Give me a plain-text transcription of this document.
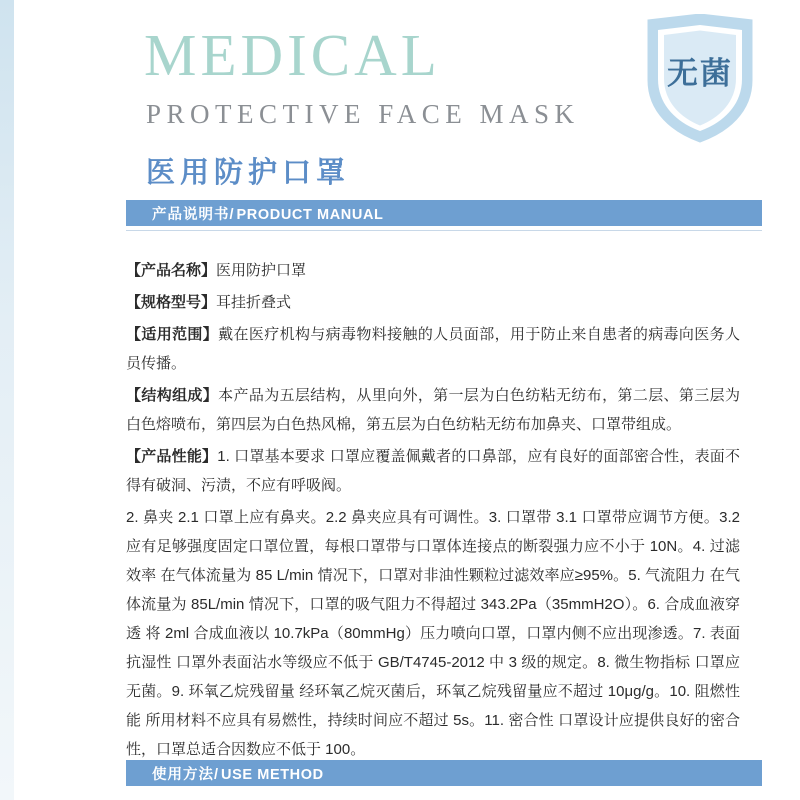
MEDICAL
PROTECTIVE FACE MASK
医用防护口罩
无菌
产品说明书/ PRODUCT MANUAL

【产品名称】医用防护口罩

【规格型号】耳挂折叠式

【适用范围】戴在医疗机构与病毒物料接触的人员面部，用于防止来自患者的病毒向医务人员传播。

【结构组成】本产品为五层结构，从里向外，第一层为白色纺粘无纺布，第二层、第三层为白色熔喷布，第四层为白色热风棉，第五层为白色纺粘无纺布加鼻夹、口罩带组成。

【产品性能】1. 口罩基本要求 口罩应覆盖佩戴者的口鼻部，应有良好的面部密合性，表面不得有破洞、污渍，不应有呼吸阀。

2. 鼻夹 2.1 口罩上应有鼻夹。2.2 鼻夹应具有可调性。3. 口罩带 3.1 口罩带应调节方便。3.2 应有足够强度固定口罩位置，每根口罩带与口罩体连接点的断裂强力应不小于 10N。4. 过滤效率 在气体流量为 85 L/min 情况下，口罩对非油性颗粒过滤效率应≥95%。5. 气流阻力 在气体流量为 85L/min 情况下，口罩的吸气阻力不得超过 343.2Pa（35mmH2O）。6. 合成血液穿透 将 2ml 合成血液以 10.7kPa（80mmHg）压力喷向口罩，口罩内侧不应出现渗透。7. 表面抗湿性 口罩外表面沾水等级应不低于 GB/T4745-2012 中 3 级的规定。8. 微生物指标 口罩应无菌。9. 环氧乙烷残留量 经环氧乙烷灭菌后，环氧乙烷残留量应不超过 10μg/g。10. 阻燃性能 所用材料不应具有易燃性，持续时间应不超过 5s。11. 密合性 口罩设计应提供良好的密合性，口罩总适合因数应不低于 100。

使用方法/ USE METHOD
